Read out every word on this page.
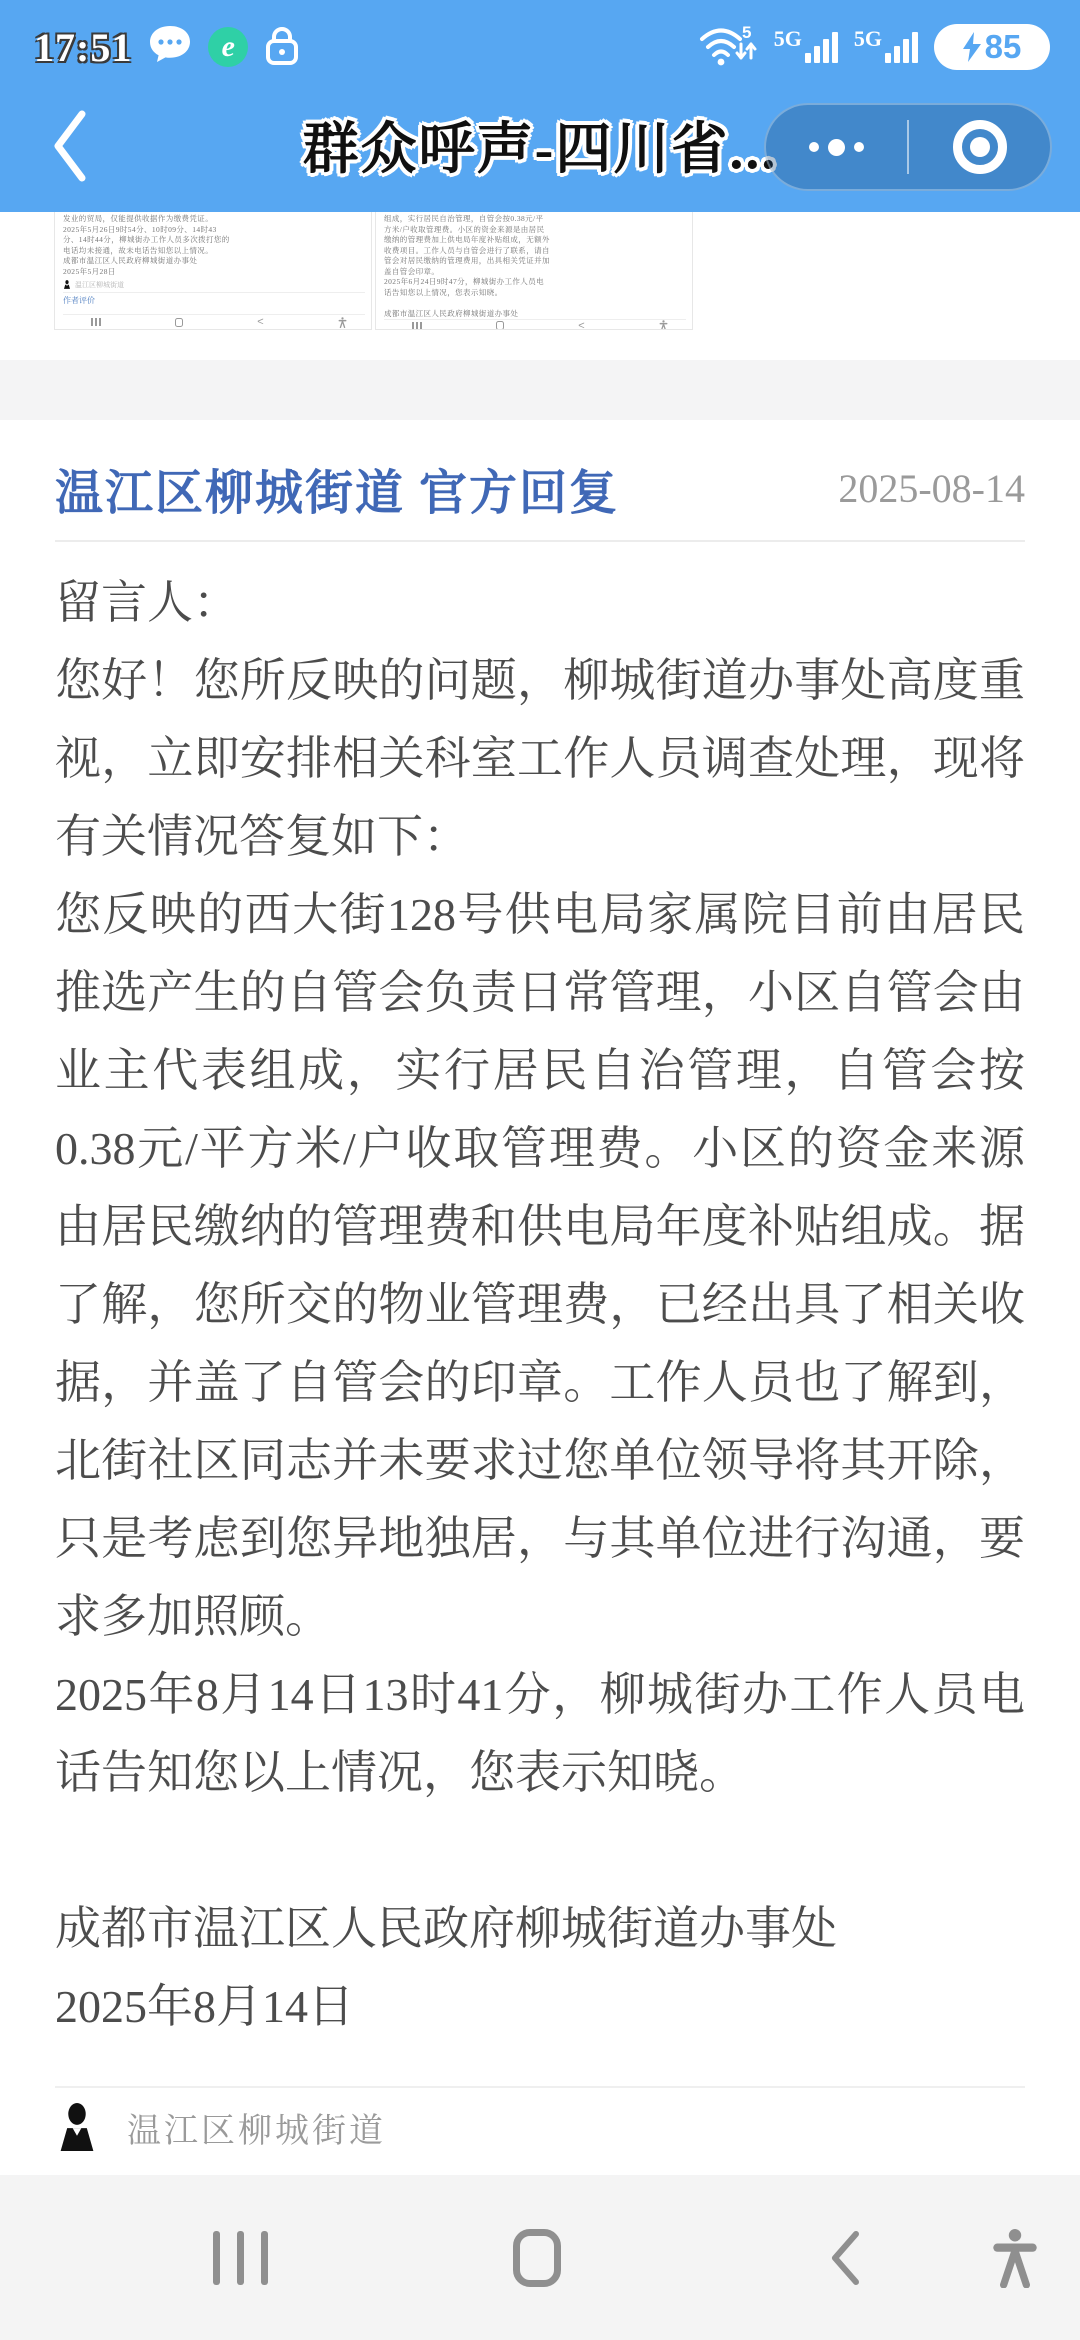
17:51	e	5 5G 5G	85
群众呼声-四川省...
发业的贸局，仅能提供收据作为缴费凭证。
2025年5月26日9时54分、10时09分、14时43
分、14时44分，柳城街办工作人员多次拨打您的
电话均未接通，故未电话告知您以上情况。
成都市温江区人民政府柳城街道办事处
2025年5月28日
温江区柳城街道
作者评价
<
组成，实行居民自治管理，自管会按0.38元/平
方米/户收取管理费。小区的资金来源是由居民
缴纳的管理费加上供电局年度补贴组成，无额外
收费项目。工作人员与自管会进行了联系，请自
管会对居民缴纳的管理费用，出具相关凭证并加
盖自管会印章。
2025年6月24日9时47分，柳城街办工作人员电
话告知您以上情况，您表示知晓。
成都市温江区人民政府柳城街道办事处
<
温江区柳城街道 官方回复	2025-08-14
留言人：
您好！您所反映的问题，柳城街道办事处高度重视，立即安排相关科室工作人员调查处理，现将有关情况答复如下：
您反映的西大街128号供电局家属院目前由居民推选产生的自管会负责日常管理，小区自管会由业主代表组成，实行居民自治管理，自管会按0.38元/平方米/户收取管理费。小区的资金来源由居民缴纳的管理费和供电局年度补贴组成。据了解，您所交的物业管理费，已经出具了相关收据，并盖了自管会的印章。工作人员也了解到，北街社区同志并未要求过您单位领导将其开除，只是考虑到您异地独居，与其单位进行沟通，要求多加照顾。
2025年8月14日13时41分，柳城街办工作人员电话告知您以上情况，您表示知晓。
成都市温江区人民政府柳城街道办事处
2025年8月14日
温江区柳城街道
